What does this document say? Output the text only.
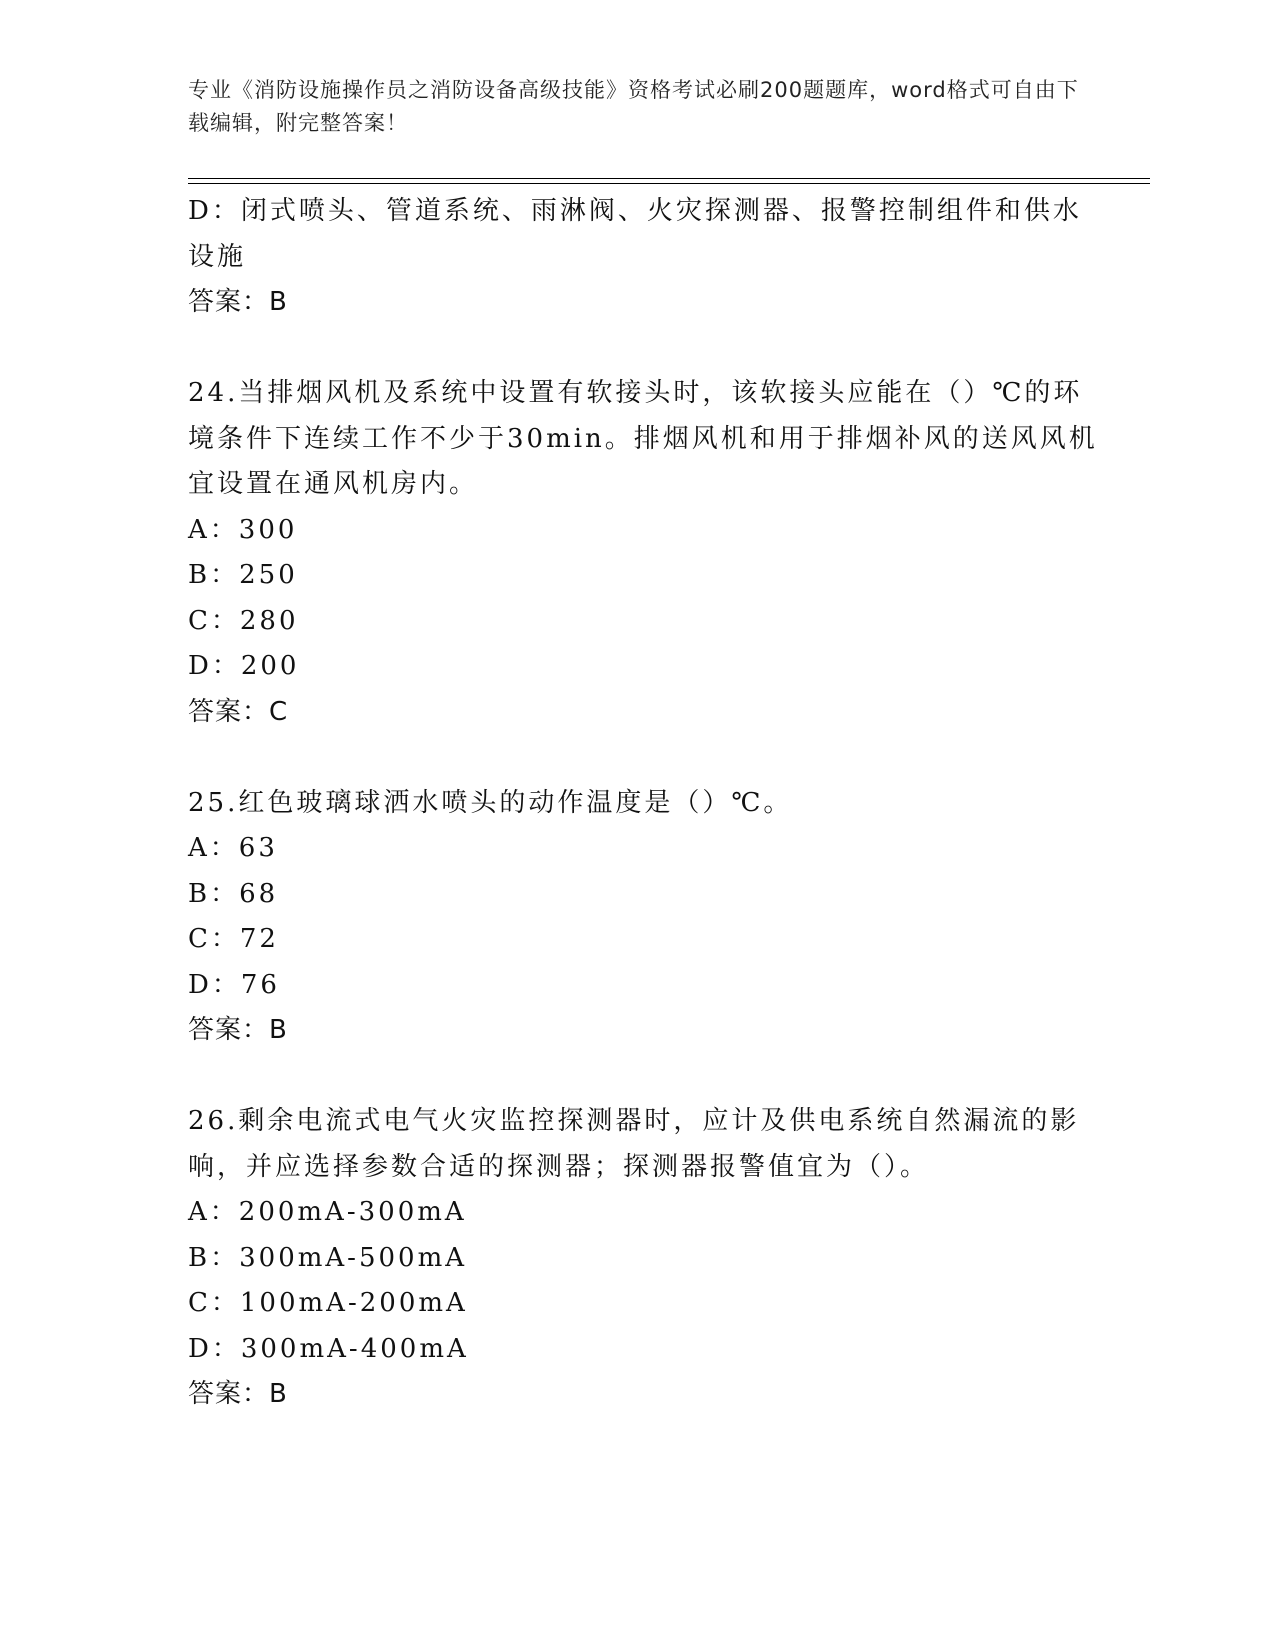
专业《消防设施操作员之消防设备高级技能》资格考试必刷200题题库，word格式可自由下载编辑，附完整答案！
D：闭式喷头、管道系统、雨淋阀、火灾探测器、报警控制组件和供水
设施
答案：B
24.当排烟风机及系统中设置有软接头时，该软接头应能在（）℃的环
境条件下连续工作不少于30min。排烟风机和用于排烟补风的送风风机
宜设置在通风机房内。
A：300
B：250
C：280
D：200
答案：C
25.红色玻璃球洒水喷头的动作温度是（）℃。
A：63
B：68
C：72
D：76
答案：B
26.剩余电流式电气火灾监控探测器时，应计及供电系统自然漏流的影
响，并应选择参数合适的探测器；探测器报警值宜为（）。
A：200mA-300mA
B：300mA-500mA
C：100mA-200mA
D：300mA-400mA
答案：B
